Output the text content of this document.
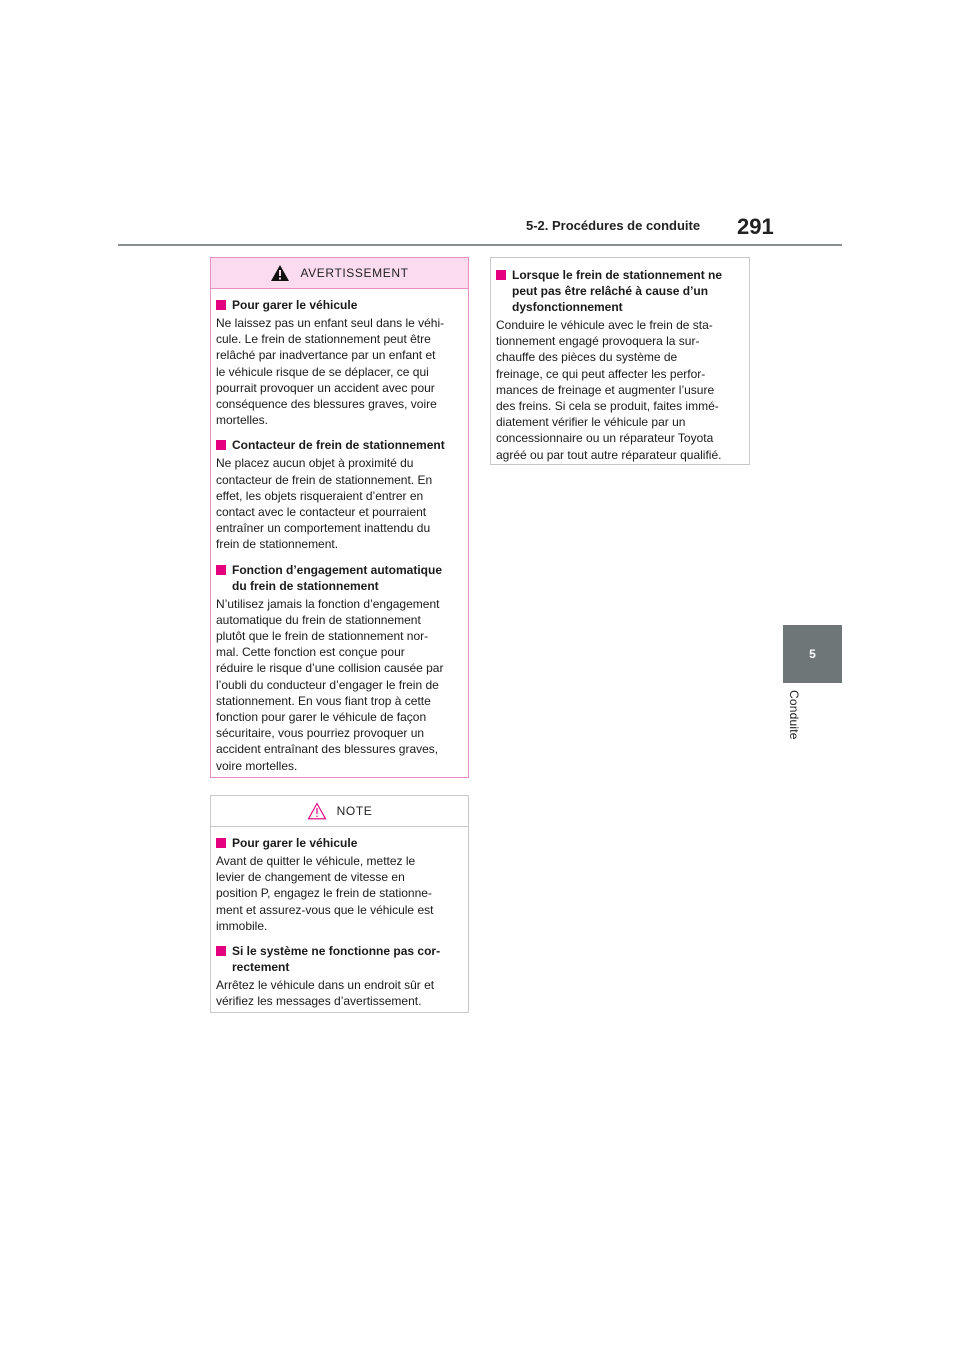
5-2. Procédures de conduite 291
5
Conduite
AVERTISSEMENT
Pour garer le véhicule
Ne laissez pas un enfant seul dans le véhi-
cule. Le frein de stationnement peut être
relâché par inadvertance par un enfant et
le véhicule risque de se déplacer, ce qui
pourrait provoquer un accident avec pour
conséquence des blessures graves, voire
mortelles.
Contacteur de frein de stationnement
Ne placez aucun objet à proximité du
contacteur de frein de stationnement. En
effet, les objets risqueraient d’entrer en
contact avec le contacteur et pourraient
entraîner un comportement inattendu du
frein de stationnement.
Fonction d’engagement automatique
du frein de stationnement
N’utilisez jamais la fonction d’engagement
automatique du frein de stationnement
plutôt que le frein de stationnement nor-
mal. Cette fonction est conçue pour
réduire le risque d’une collision causée par
l’oubli du conducteur d’engager le frein de
stationnement. En vous fiant trop à cette
fonction pour garer le véhicule de façon
sécuritaire, vous pourriez provoquer un
accident entraînant des blessures graves,
voire mortelles.
NOTE
Pour garer le véhicule
Avant de quitter le véhicule, mettez le
levier de changement de vitesse en
position P, engagez le frein de stationne-
ment et assurez-vous que le véhicule est
immobile.
Si le système ne fonctionne pas cor-
rectement
Arrêtez le véhicule dans un endroit sûr et
vérifiez les messages d’avertissement.
Lorsque le frein de stationnement ne
peut pas être relâché à cause d’un
dysfonctionnement
Conduire le véhicule avec le frein de sta-
tionnement engagé provoquera la sur-
chauffe des pièces du système de
freinage, ce qui peut affecter les perfor-
mances de freinage et augmenter l’usure
des freins. Si cela se produit, faites immé-
diatement vérifier le véhicule par un
concessionnaire ou un réparateur Toyota
agréé ou par tout autre réparateur qualifié.
